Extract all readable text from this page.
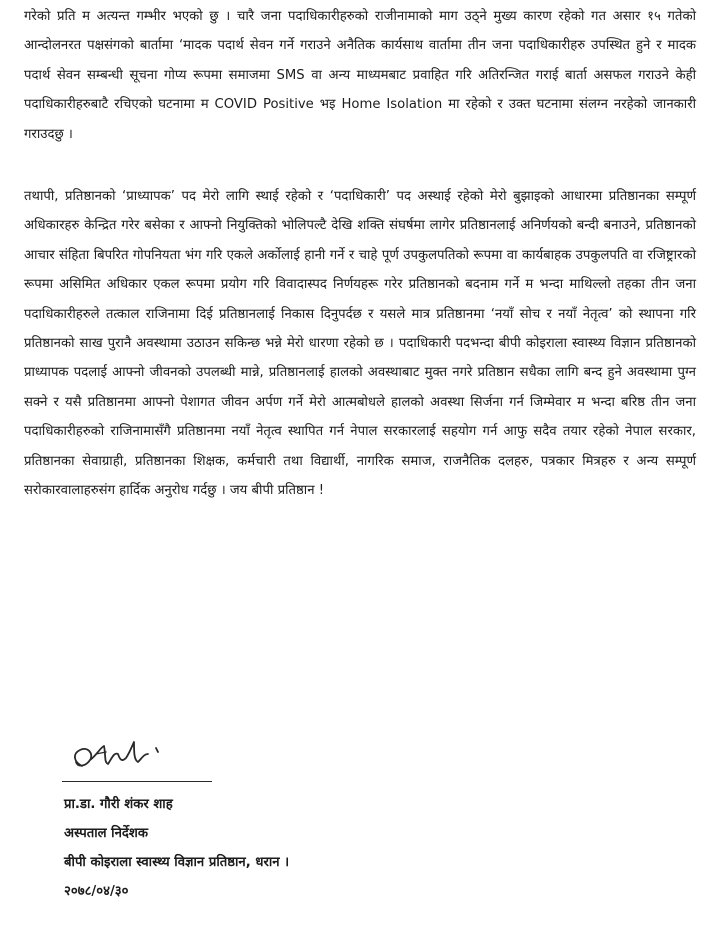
गरेको प्रति म अत्यन्त गम्भीर भएको छु । चारै जना पदाधिकारीहरुको राजीनामाको माग उठ्ने मुख्य कारण रहेको गत असार १५ गतेको आन्दोलनरत पक्षसंगको बार्तामा ‘मादक पदार्थ सेवन गर्ने गराउने अनैतिक कार्यसाथ वार्तामा तीन जना पदाधिकारीहरु उपस्थित हुने र मादक पदार्थ सेवन सम्बन्धी सूचना गोप्य रूपमा समाजमा SMS वा अन्य माध्यमबाट प्रवाहित गरि अतिरन्जित गराई बार्ता असफल गराउने केही पदाधिकारीहरुबाटै रचिएको घटनामा म COVID Positive भइ Home Isolation मा रहेको र उक्त घटनामा संलग्न नरहेको जानकारी गराउदछु ।

तथापी, प्रतिष्ठानको ‘प्राध्यापक’ पद मेरो लागि स्थाई रहेको र ‘पदाधिकारी’ पद अस्थाई रहेको मेरो बुझाइको आधारमा प्रतिष्ठानका सम्पूर्ण अधिकारहरु केन्द्रित गरेर बसेका र आफ्नो नियुक्तिको भोलिपल्टै देखि शक्ति संघर्षमा लागेर प्रतिष्ठानलाई अनिर्णयको बन्दी बनाउने, प्रतिष्ठानको आचार संहिता बिपरित गोपनियता भंग गरि एकले अर्कोलाई हानी गर्ने र चाहे पूर्ण उपकुलपतिको रूपमा वा कार्यबाहक उपकुलपति वा रजिष्ट्रारको रूपमा असिमित अधिकार एकल रूपमा प्रयोग गरि विवादास्पद निर्णयहरू गरेर प्रतिष्ठानको बदनाम गर्ने म भन्दा माथिल्लो तहका तीन जना पदाधिकारीहरुले तत्काल राजिनामा दिई प्रतिष्ठानलाई निकास दिनुपर्दछ र यसले मात्र प्रतिष्ठानमा ‘नयाँ सोच र नयाँ नेतृत्व’ को स्थापना गरि प्रतिष्ठानको साख पुरानै अवस्थामा उठाउन सकिन्छ भन्ने मेरो धारणा रहेको छ । पदाधिकारी पदभन्दा बीपी कोइराला स्वास्थ्य विज्ञान प्रतिष्ठानको प्राध्यापक पदलाई आफ्नो जीवनको उपलब्धी मान्ने, प्रतिष्ठानलाई हालको अवस्थाबाट मुक्त नगरे प्रतिष्ठान सधैका लागि बन्द हुने अवस्थामा पुग्न सक्ने र यसै प्रतिष्ठानमा आफ्नो पेशागत जीवन अर्पण गर्ने मेरो आत्मबोधले हालको अवस्था सिर्जना गर्न जिम्मेवार म भन्दा बरिष्ठ तीन जना पदाधिकारीहरुको राजिनामासँगै प्रतिष्ठानमा नयाँ नेतृत्व स्थापित गर्न नेपाल सरकारलाई सहयोग गर्न आफु सदैव तयार रहेको नेपाल सरकार, प्रतिष्ठानका सेवाग्राही, प्रतिष्ठानका शिक्षक, कर्मचारी तथा विद्यार्थी, नागरिक समाज, राजनैतिक दलहरु, पत्रकार मित्रहरु र अन्य सम्पूर्ण सरोकारवालाहरुसंग हार्दिक अनुरोध गर्दछु । जय बीपी प्रतिष्ठान !

प्रा.डा. गौरी शंकर शाह
अस्पताल निर्देशक
बीपी कोइराला स्वास्थ्य विज्ञान प्रतिष्ठान, धरान ।
२०७८/०४/३०
